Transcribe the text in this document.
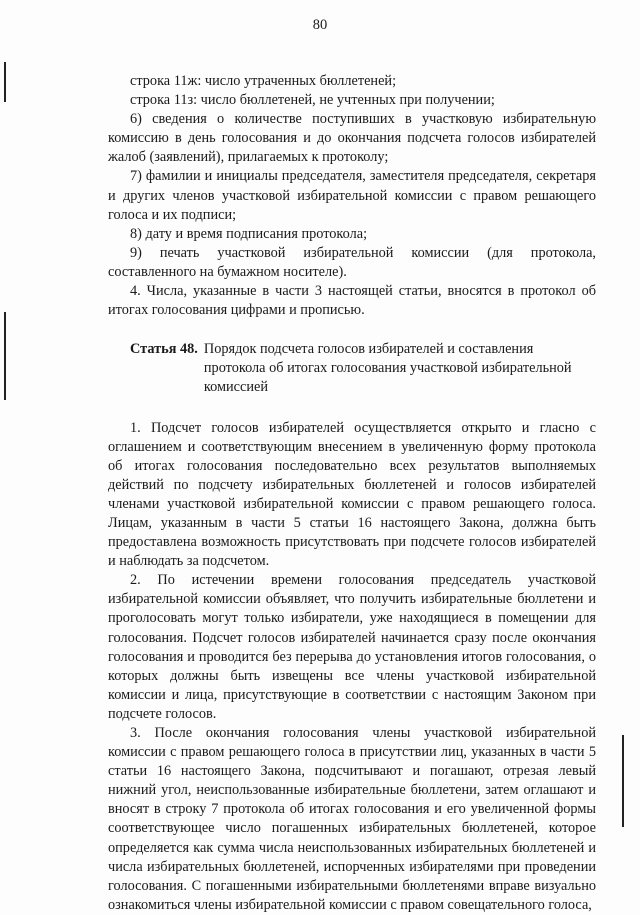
80

строка 11ж: число утраченных бюллетеней;

строка 11з: число бюллетеней, не учтенных при получении;

6) сведения о количестве поступивших в участковую избирательную комиссию в день голосования и до окончания подсчета голосов избирателей жалоб (заявлений), прилагаемых к протоколу;

7) фамилии и инициалы председателя, заместителя председателя, секретаря и других членов участковой избирательной комиссии с правом решающего голоса и их подписи;

8) дату и время подписания протокола;

9) печать участковой избирательной комиссии (для протокола, составленного на бумажном носителе).

4. Числа, указанные в части 3 настоящей статьи, вносятся в протокол об итогах голосования цифрами и прописью.

Статья 48. Порядок подсчета голосов избирателей и составления протокола об итогах голосования участковой избирательной комиссией

1. Подсчет голосов избирателей осуществляется открыто и гласно с оглашением и соответствующим внесением в увеличенную форму протокола об итогах голосования последовательно всех результатов выполняемых действий по подсчету избирательных бюллетеней и голосов избирателей членами участковой избирательной комиссии с правом решающего голоса. Лицам, указанным в части 5 статьи 16 настоящего Закона, должна быть предоставлена возможность присутствовать при подсчете голосов избирателей и наблюдать за подсчетом.

2. По истечении времени голосования председатель участковой избирательной комиссии объявляет, что получить избирательные бюллетени и проголосовать могут только избиратели, уже находящиеся в помещении для голосования. Подсчет голосов избирателей начинается сразу после окончания голосования и проводится без перерыва до установления итогов голосования, о которых должны быть извещены все члены участковой избирательной комиссии и лица, присутствующие в соответствии с настоящим Законом при подсчете голосов.

3. После окончания голосования члены участковой избирательной комиссии с правом решающего голоса в присутствии лиц, указанных в части 5 статьи 16 настоящего Закона, подсчитывают и погашают, отрезая левый нижний угол, неиспользованные избирательные бюллетени, затем оглашают и вносят в строку 7 протокола об итогах голосования и его увеличенной формы соответствующее число погашенных избирательных бюллетеней, которое определяется как сумма числа неиспользованных избирательных бюллетеней и числа избирательных бюллетеней, испорченных избирателями при проведении голосования. С погашенными избирательными бюллетенями вправе визуально ознакомиться члены избирательной комиссии с правом совещательного голоса,
